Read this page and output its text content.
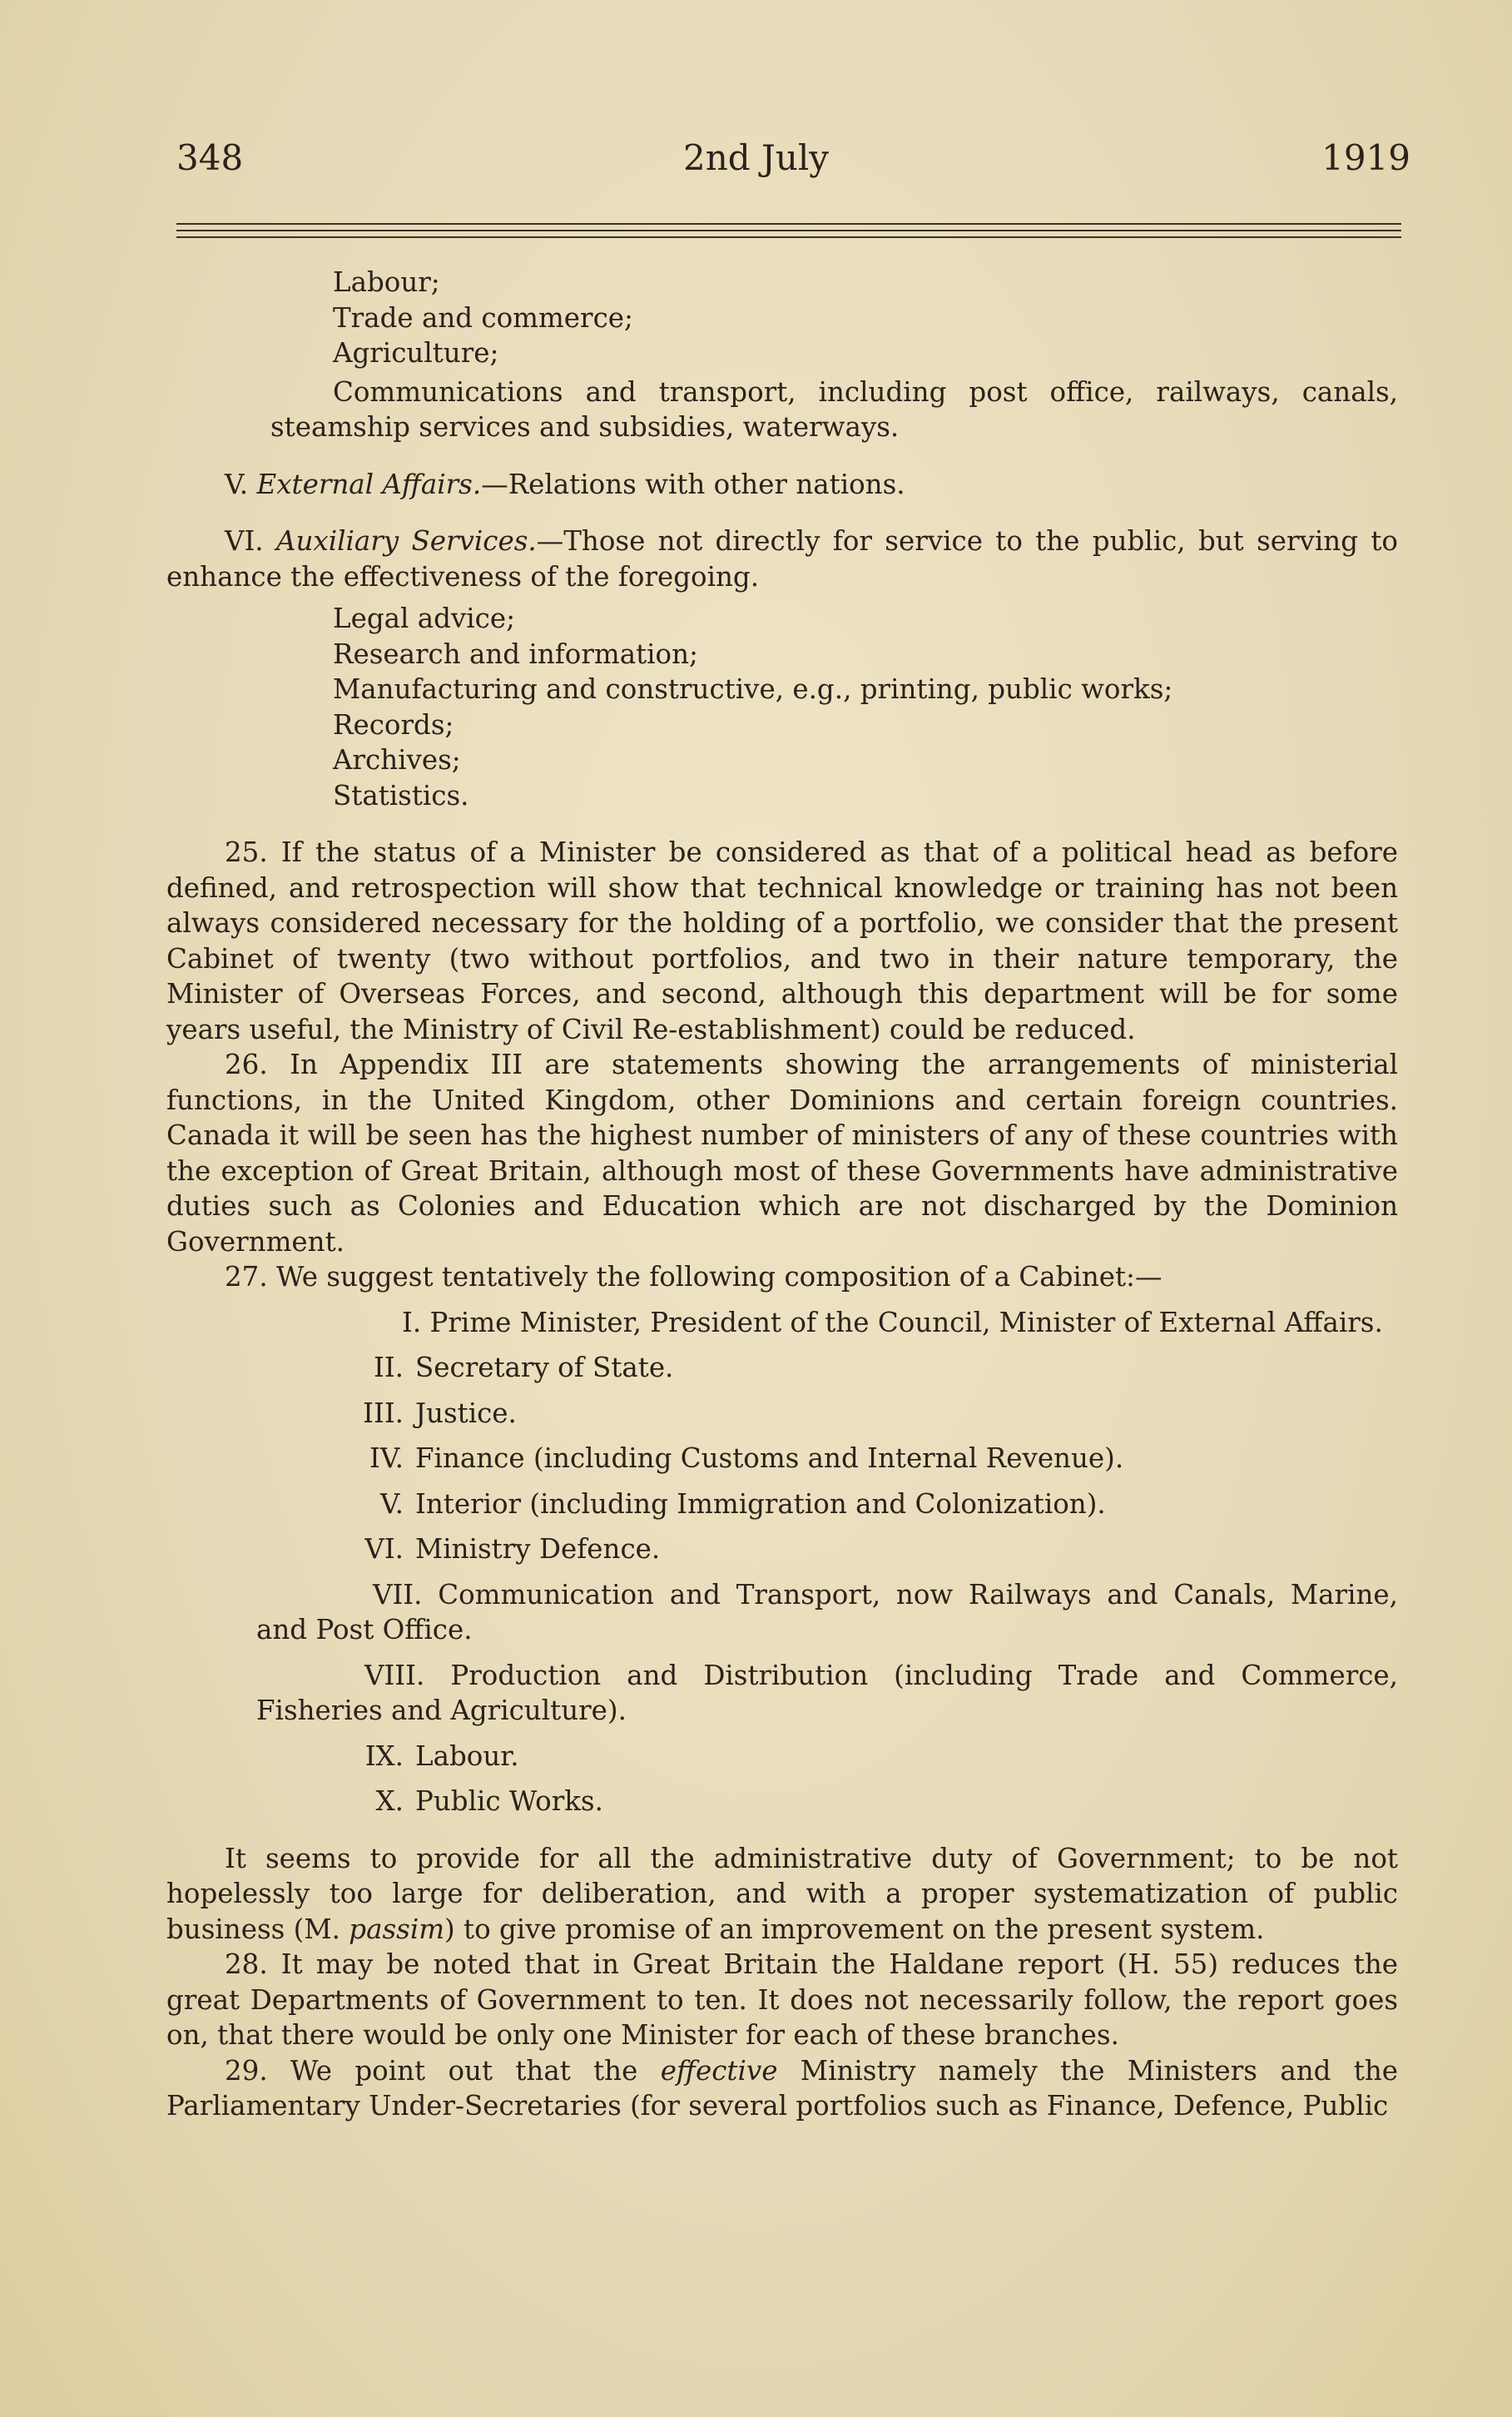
2nd July
348	1919

Labour;

Trade and commerce;

Agriculture;

Communications and transport, including post office, railways, canals, steamship services and subsidies, waterways.

V. External Affairs.—Relations with other nations.

VI. Auxiliary Services.—Those not directly for service to the public, but serving to enhance the effectiveness of the foregoing.

Legal advice;

Research and information;

Manufacturing and constructive, e.g., printing, public works;

Records;

Archives;

Statistics.

25. If the status of a Minister be considered as that of a political head as before defined, and retrospection will show that technical knowledge or training has not been always considered necessary for the holding of a portfolio, we consider that the present Cabinet of twenty (two without portfolios, and two in their nature temporary, the Minister of Overseas Forces, and second, although this department will be for some years useful, the Ministry of Civil Re-establishment) could be reduced.

26. In Appendix III are statements showing the arrangements of ministerial functions, in the United Kingdom, other Dominions and certain foreign countries. Canada it will be seen has the highest number of ministers of any of these countries with the exception of Great Britain, although most of these Governments have administrative duties such as Colonies and Education which are not discharged by the Dominion Government.

27. We suggest tentatively the following composition of a Cabinet:—

I. Prime Minister, President of the Council, Minister of External Affairs.

II. Secretary of State.

III. Justice.

IV. Finance (including Customs and Internal Revenue).

V. Interior (including Immigration and Colonization).

VI. Ministry Defence.

VII. Communication and Transport, now Railways and Canals, Marine, and Post Office.

VIII. Production and Distribution (including Trade and Commerce, Fisheries and Agriculture).

IX. Labour.

X. Public Works.

It seems to provide for all the administrative duty of Government; to be not hopelessly too large for deliberation, and with a proper systematization of public business (M. passim) to give promise of an improvement on the present system.

28. It may be noted that in Great Britain the Haldane report (H. 55) reduces the great Departments of Government to ten. It does not necessarily follow, the report goes on, that there would be only one Minister for each of these branches.

29. We point out that the effective Ministry namely the Ministers and the Parliamentary Under-Secretaries (for several portfolios such as Finance, Defence, Public
